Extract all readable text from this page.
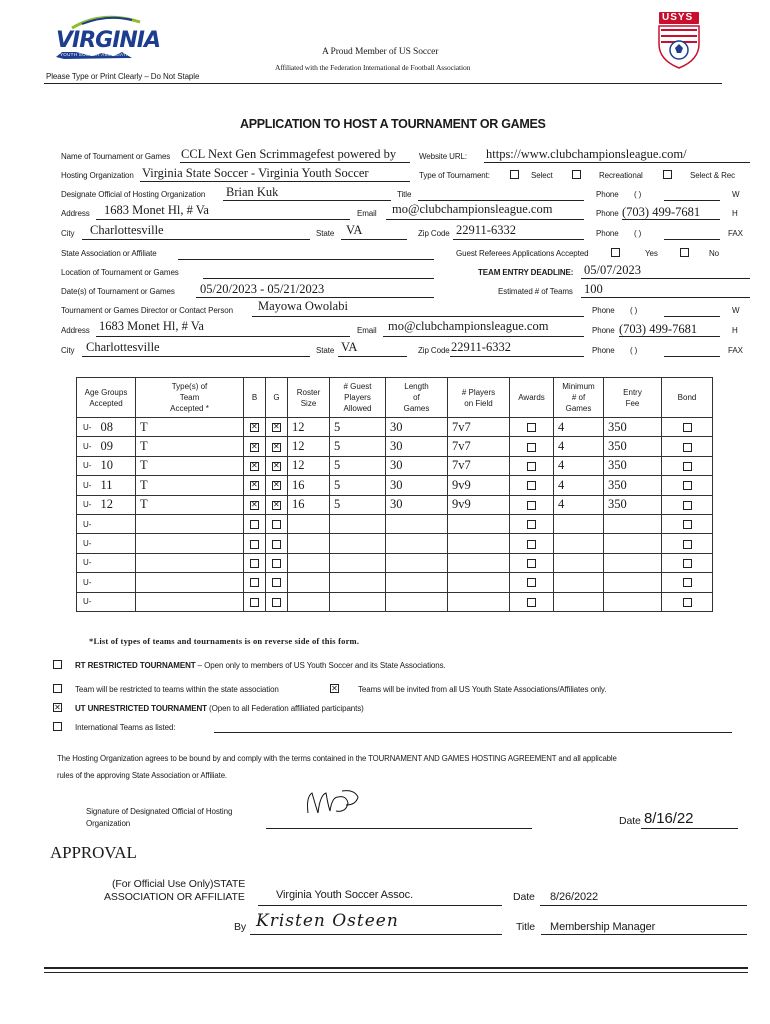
VIRGINIA
YOUTH SOCCER ASSOCIATION
USYS
A Proud Member of US Soccer
Affiliated with the Federation International de Football Association
Please Type or Print Clearly – Do Not Staple
APPLICATION TO HOST A TOURNAMENT OR GAMES
Name of Tournament or Games CCL Next Gen Scrimmagefest powered by	Website URL: https://www.clubchampionsleague.com/
Hosting Organization Virginia State Soccer - Virginia Youth Soccer	Type of Tournament:	Select	Recreational	Select & Rec
Designate Official of Hosting Organization Brian Kuk	Title	Phone ( )	W
Address 1683 Monet Hl, # Va	Email mo@clubchampionsleague.com	Phone (703) 499-7681	H
City Charlottesville	State VA	Zip Code 22911-6332	Phone ( )	FAX
State Association or Affiliate	Guest Referees Applications Accepted	Yes	No
Location of Tournament or Games	TEAM ENTRY DEADLINE: 05/07/2023
Date(s) of Tournament or Games 05/20/2023 - 05/21/2023	Estimated # of Teams 100
Tournament or Games Director or Contact Person Mayowa Owolabi	Phone ( )	W
Address 1683 Monet Hl, # Va	Email mo@clubchampionsleague.com	Phone (703) 499-7681	H
City Charlottesville	State VA	Zip Code 22911-6332	Phone ( )	FAX
Age Groups Accepted		Type(s) of Team Accepted *	B	G	Roster Size	# Guest Players Allowed	Length of Games	# Players on Field	Awards	Minimum # of Games	Entry Fee	Bond
U-	08	T	✕	✕	12	5	30	7v7		4	350	
U-	09	T	✕	✕	12	5	30	7v7		4	350	
U-	10	T	✕	✕	12	5	30	7v7		4	350	
U-	11	T	✕	✕	16	5	30	9v9		4	350	
U-	12	T	✕	✕	16	5	30	9v9		4	350	
U-												
U-												
U-												
U-												
U-												
*List of types of teams and tournaments is on reverse side of this form.
RT RESTRICTED TOURNAMENT – Open only to members of US Youth Soccer and its State Associations.
Team will be restricted to teams within the state association ✕	Teams will be invited from all US Youth State Associations/Affiliates only.
✕
UT UNRESTRICTED TOURNAMENT (Open to all Federation affiliated participants)
International Teams as listed:
The Hosting Organization agrees to be bound by and comply with the terms contained in the TOURNAMENT AND GAMES HOSTING AGREEMENT and all applicable
rules of the approving State Association or Affiliate.
Signature of Designated Official of Hosting
Organization	Date 8/16/22
APPROVAL
(For Official Use Only)STATE
ASSOCIATION OR AFFILIATE	Virginia Youth Soccer Assoc.	Date 8/26/2022
By Kristen Osteen	Title Membership Manager
